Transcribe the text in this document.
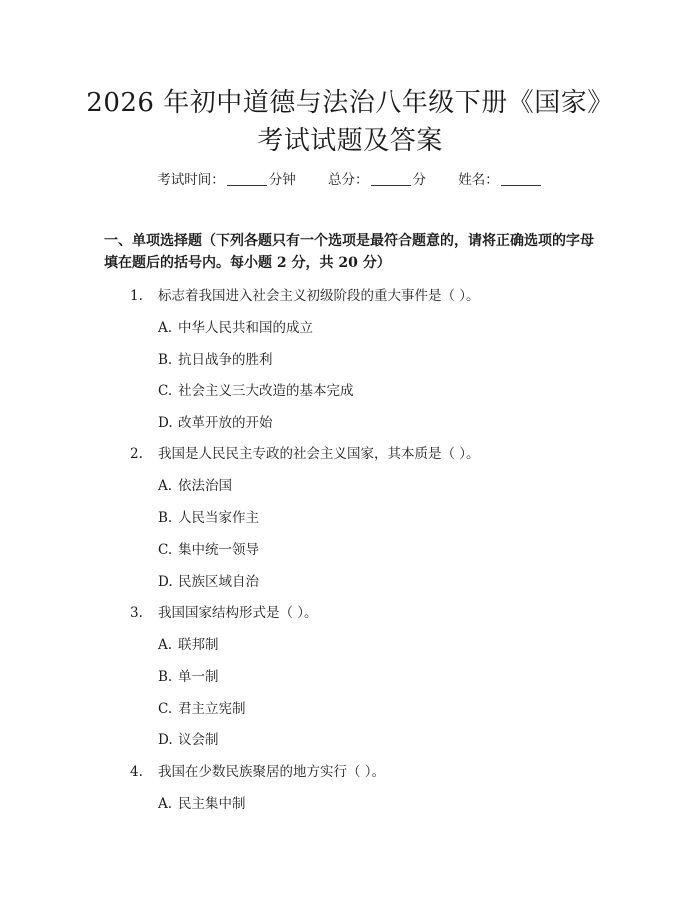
2026 年初中道德与法治八年级下册《国家》
考试试题及答案
考试时间：	分钟 总分：	分 姓名：

一、单项选择题（下列各题只有一个选项是最符合题意的，请将正确选项的字母填在题后的括号内。每小题 2 分，共 20 分）

1. 标志着我国进入社会主义初级阶段的重大事件是（ ）。
A. 中华人民共和国的成立
B. 抗日战争的胜利
C. 社会主义三大改造的基本完成
D. 改革开放的开始
2. 我国是人民民主专政的社会主义国家，其本质是（ ）。
A. 依法治国
B. 人民当家作主
C. 集中统一领导
D. 民族区域自治
3. 我国国家结构形式是（ ）。
A. 联邦制
B. 单一制
C. 君主立宪制
D. 议会制
4. 我国在少数民族聚居的地方实行（ ）。
A. 民主集中制
